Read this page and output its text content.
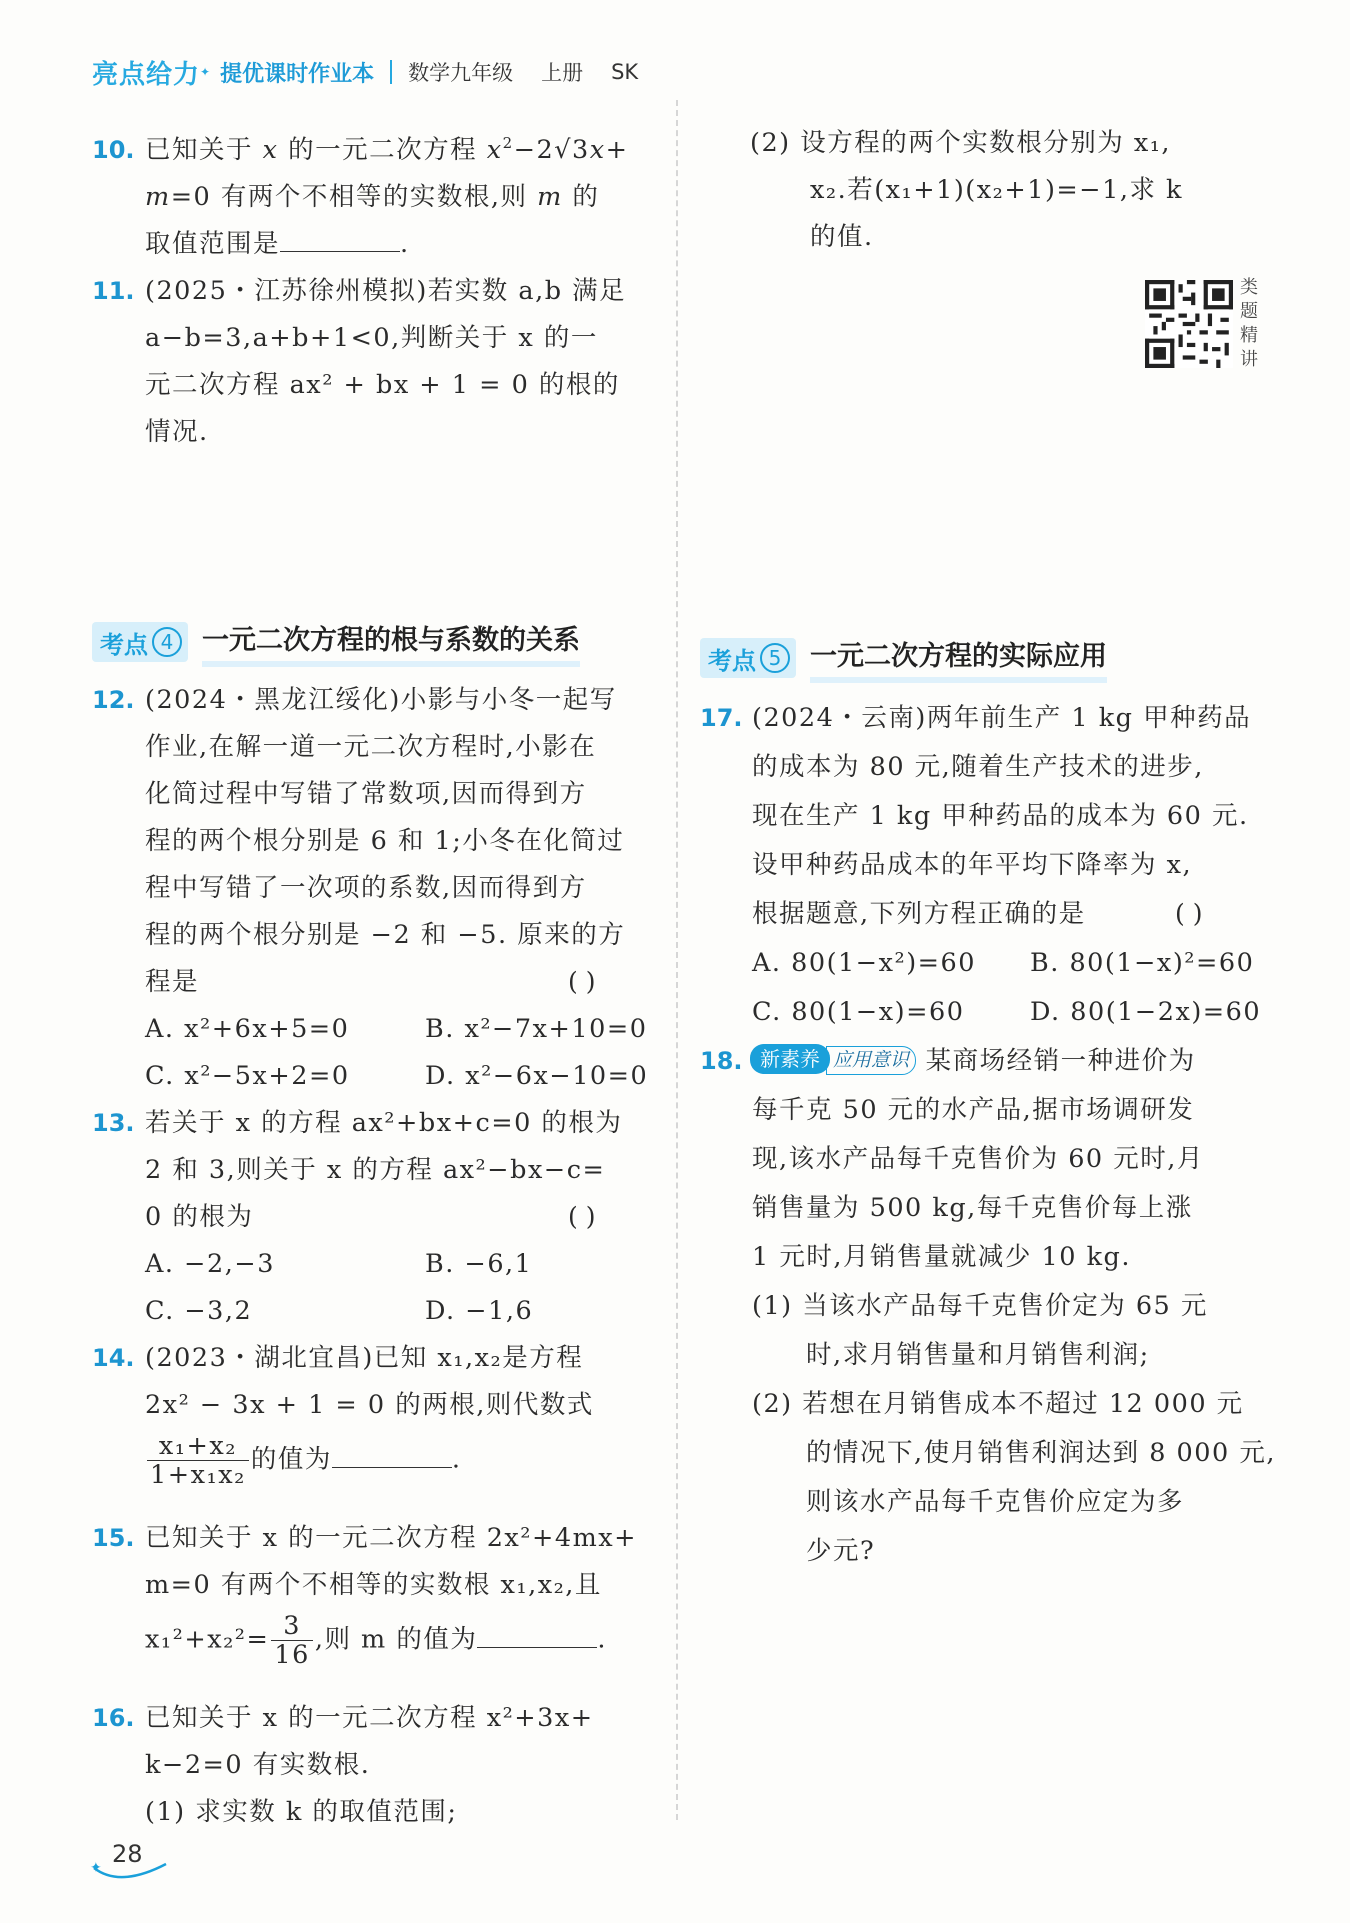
亮点给力 ✦ 提优课时作业本 数学九年级 上册 SK
10. 已知关于 x 的一元二次方程 $x^2-2√3x+$
m=0 有两个不相等的实数根,则 m 的
取值范围是	.
11. (2025・江苏徐州模拟)若实数 a,b 满足
a−b=3,a+b+1<0,判断关于 x 的一
元二次方程 ax² + bx + 1 = 0 的根的
情况.
(2) 设方程的两个实数根分别为 x₁,
x₂.若(x₁+1)(x₂+1)=−1,求 k
的值.
类
题
精
讲
考点 4	一元二次方程的根与系数的关系
12. (2024・黑龙江绥化)小影与小冬一起写
作业,在解一道一元二次方程时,小影在
化简过程中写错了常数项,因而得到方
程的两个根分别是 6 和 1;小冬在化简过
程中写错了一次项的系数,因而得到方
程的两个根分别是 −2 和 −5. 原来的方
程是	( )
A. x²+6x+5=0	B. x²−7x+10=0
C. x²−5x+2=0	D. x²−6x−10=0
13. 若关于 x 的方程 ax²+bx+c=0 的根为
2 和 3,则关于 x 的方程 ax²−bx−c=
0 的根为	( )
A. −2,−3	B. −6,1
C. −3,2	D. −1,6
14. (2023・湖北宜昌)已知 x₁,x₂是方程
2x² − 3x + 1 = 0 的两根,则代数式
$\frac{\text{x₁+x₂}}{\text{1+x₁x₂}}$ 的值为	.
15. 已知关于 x 的一元二次方程 2x²+4mx+
m=0 有两个不相等的实数根 x₁,x₂,且
$x_1^2+x_2^2= \frac{3}{16}$ ,则 m 的值为	.
16. 已知关于 x 的一元二次方程 x²+3x+
k−2=0 有实数根.
(1) 求实数 k 的取值范围;
考点 5	一元二次方程的实际应用
17. (2024・云南)两年前生产 1 kg 甲种药品
的成本为 80 元,随着生产技术的进步,
现在生产 1 kg 甲种药品的成本为 60 元.
设甲种药品成本的年平均下降率为 x,
根据题意,下列方程正确的是	( )
A. 80(1−x²)=60 B. 80(1−x)²=60
C. 80(1−x)=60	D. 80(1−2x)=60
18. 新素养 应用意识 某商场经销一种进价为
每千克 50 元的水产品,据市场调研发
现,该水产品每千克售价为 60 元时,月
销售量为 500 kg,每千克售价每上涨
1 元时,月销售量就减少 10 kg.
(1) 当该水产品每千克售价定为 65 元
时,求月销售量和月销售利润;
(2) 若想在月销售成本不超过 12 000 元
的情况下,使月销售利润达到 8 000 元,
则该水产品每千克售价应定为多
少元?
✦ 28
